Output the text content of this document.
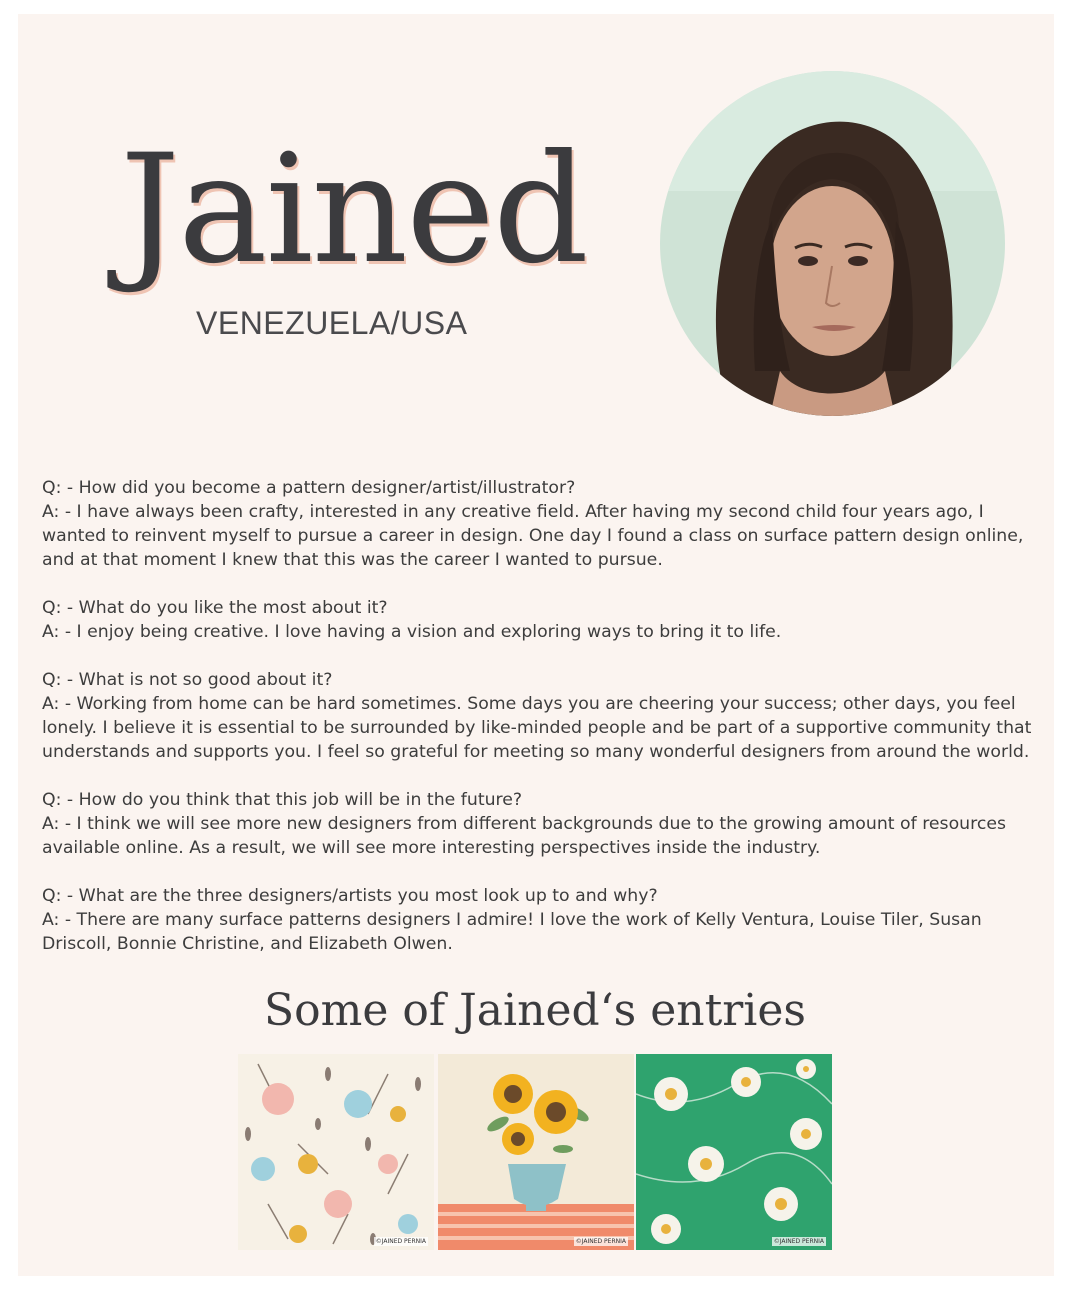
Jained
VENEZUELA/USA

Q: - How did you become a pattern designer/artist/illustrator?

A: - I have always been crafty, interested in any creative field. After having my second child four years ago, I wanted to reinvent myself to pursue a career in design. One day I found a class on surface pattern design online, and at that moment I knew that this was the career I wanted to pursue.

Q: - What do you like the most about it?

A: - I enjoy being creative. I love having a vision and exploring ways to bring it to life.

Q: - What is not so good about it?

A: - Working from home can be hard sometimes. Some days you are cheering your success; other days, you feel lonely. I believe it is essential to be surrounded by like-minded people and be part of a supportive community that understands and supports you. I feel so grateful for meeting so many wonderful designers from around the world.

Q: - How do you think that this job will be in the future?

A: - I think we will see more new designers from different backgrounds due to the growing amount of resources available online. As a result, we will see more interesting perspectives inside the industry.

Q: - What are the three designers/artists you most look up to and why?

A: - There are many surface patterns designers I admire! I love the work of Kelly Ventura, Louise Tiler, Susan Driscoll, Bonnie Christine, and Elizabeth Olwen.

Some of Jained‘s entries
©JAINED PERNIA	©JAINED PERNIA	©JAINED PERNIA
